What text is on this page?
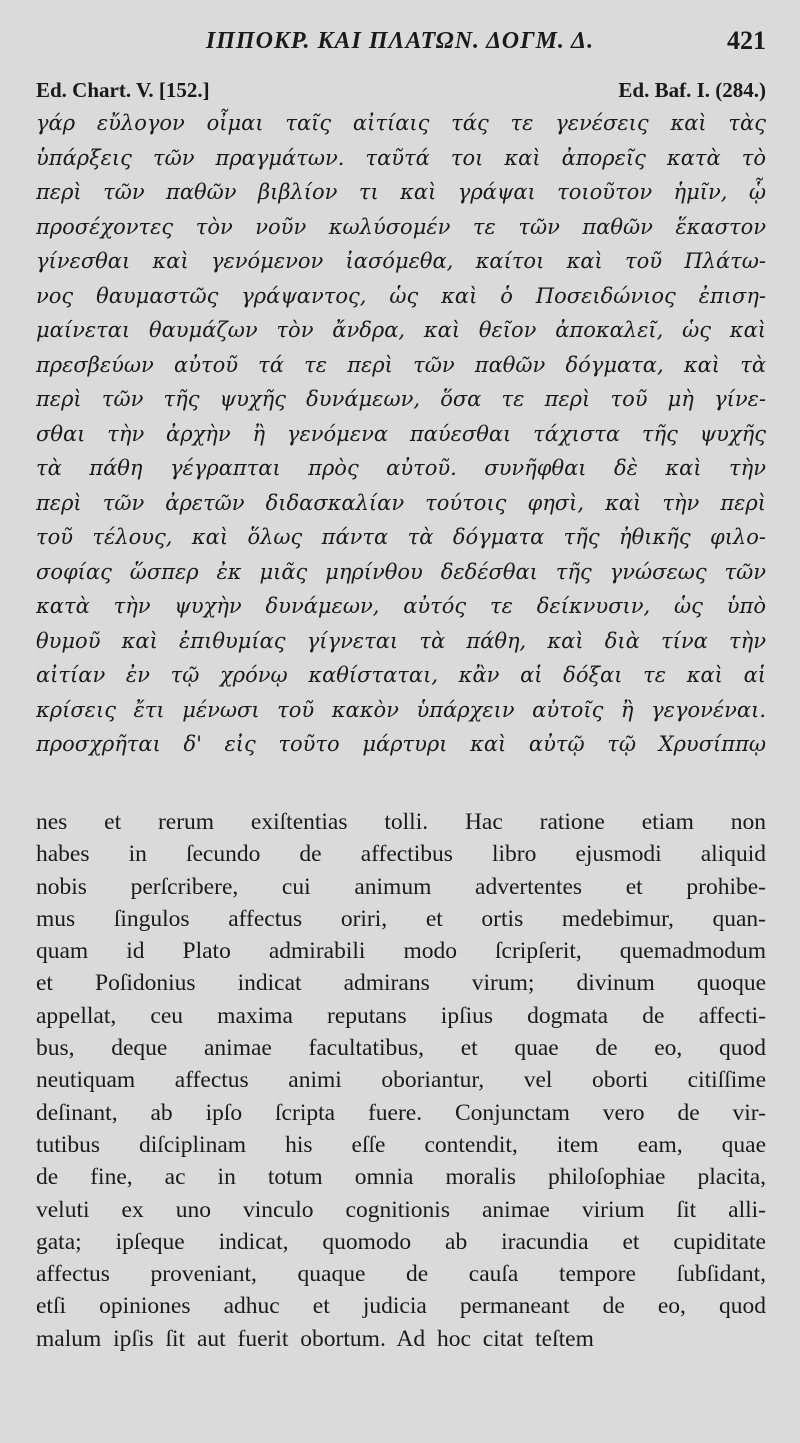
ΙΠΠΟΚΡ. ΚΑΙ ΠΛΑΤΩΝ. ΔΟΓΜ. Δ.	421
Ed. Chart. V. [152.]	Ed. Baf. I. (284.)
γάρ εὔλογον οἶμαι ταῖς αἰτίαις τάς τε γενέσεις καὶ τὰς
ὑπάρξεις τῶν πραγμάτων. ταῦτά τοι καὶ ἀπορεῖς κατὰ τὸ
περὶ τῶν παθῶν βιβλίον τι καὶ γράψαι τοιοῦτον ἡμῖν, ᾧ
προσέχοντες τὸν νοῦν κωλύσομέν τε τῶν παθῶν ἕκαστον
γίνεσθαι καὶ γενόμενον ἰασόμεθα, καίτοι καὶ τοῦ Πλάτω-
νος θαυμαστῶς γράψαντος, ὡς καὶ ὁ Ποσειδώνιος ἐπιση-
μαίνεται θαυμάζων τὸν ἄνδρα, καὶ θεῖον ἀποκαλεῖ, ὡς καὶ
πρεσβεύων αὐτοῦ τά τε περὶ τῶν παθῶν δόγματα, καὶ τὰ
περὶ τῶν τῆς ψυχῆς δυνάμεων, ὅσα τε περὶ τοῦ μὴ γίνε-
σθαι τὴν ἀρχὴν ἢ γενόμενα παύεσθαι τάχιστα τῆς ψυχῆς
τὰ πάθη γέγραπται πρὸς αὐτοῦ. συνῆφθαι δὲ καὶ τὴν
περὶ τῶν ἀρετῶν διδασκαλίαν τούτοις φησὶ, καὶ τὴν περὶ
τοῦ τέλους, καὶ ὅλως πάντα τὰ δόγματα τῆς ἠθικῆς φιλο-
σοφίας ὥσπερ ἐκ μιᾶς μηρίνθου δεδέσθαι τῆς γνώσεως τῶν
κατὰ τὴν ψυχὴν δυνάμεων, αὐτός τε δείκνυσιν, ὡς ὑπὸ
θυμοῦ καὶ ἐπιθυμίας γίγνεται τὰ πάθη, καὶ διὰ τίνα τὴν
αἰτίαν ἐν τῷ χρόνῳ καθίσταται, κἂν αἱ δόξαι τε καὶ αἱ
κρίσεις ἔτι μένωσι τοῦ κακὸν ὑπάρχειν αὐτοῖς ἢ γεγονέναι.
προσχρῆται δ' εἰς τοῦτο μάρτυρι καὶ αὐτῷ τῷ Χρυσίππῳ
nes et rerum exiſtentias tolli. Hac ratione etiam non
habes in ſecundo de affectibus libro ejusmodi aliquid
nobis perſcribere, cui animum advertentes et prohibe-
mus ſingulos affectus oriri, et ortis medebimur, quan-
quam id Plato admirabili modo ſcripſerit, quemadmodum
et Poſidonius indicat admirans virum; divinum quoque
appellat, ceu maxima reputans ipſius dogmata de affecti-
bus, deque animae facultatibus, et quae de eo, quod
neutiquam affectus animi oboriantur, vel oborti citiſſime
deſinant, ab ipſo ſcripta fuere. Conjunctam vero de vir-
tutibus diſciplinam his eſſe contendit, item eam, quae
de fine, ac in totum omnia moralis philoſophiae placita,
veluti ex uno vinculo cognitionis animae virium ſit alli-
gata; ipſeque indicat, quomodo ab iracundia et cupiditate
affectus proveniant, quaque de cauſa tempore ſubſidant,
etſi opiniones adhuc et judicia permaneant de eo, quod
malum ipſis ſit aut fuerit obortum. Ad hoc citat teſtem
